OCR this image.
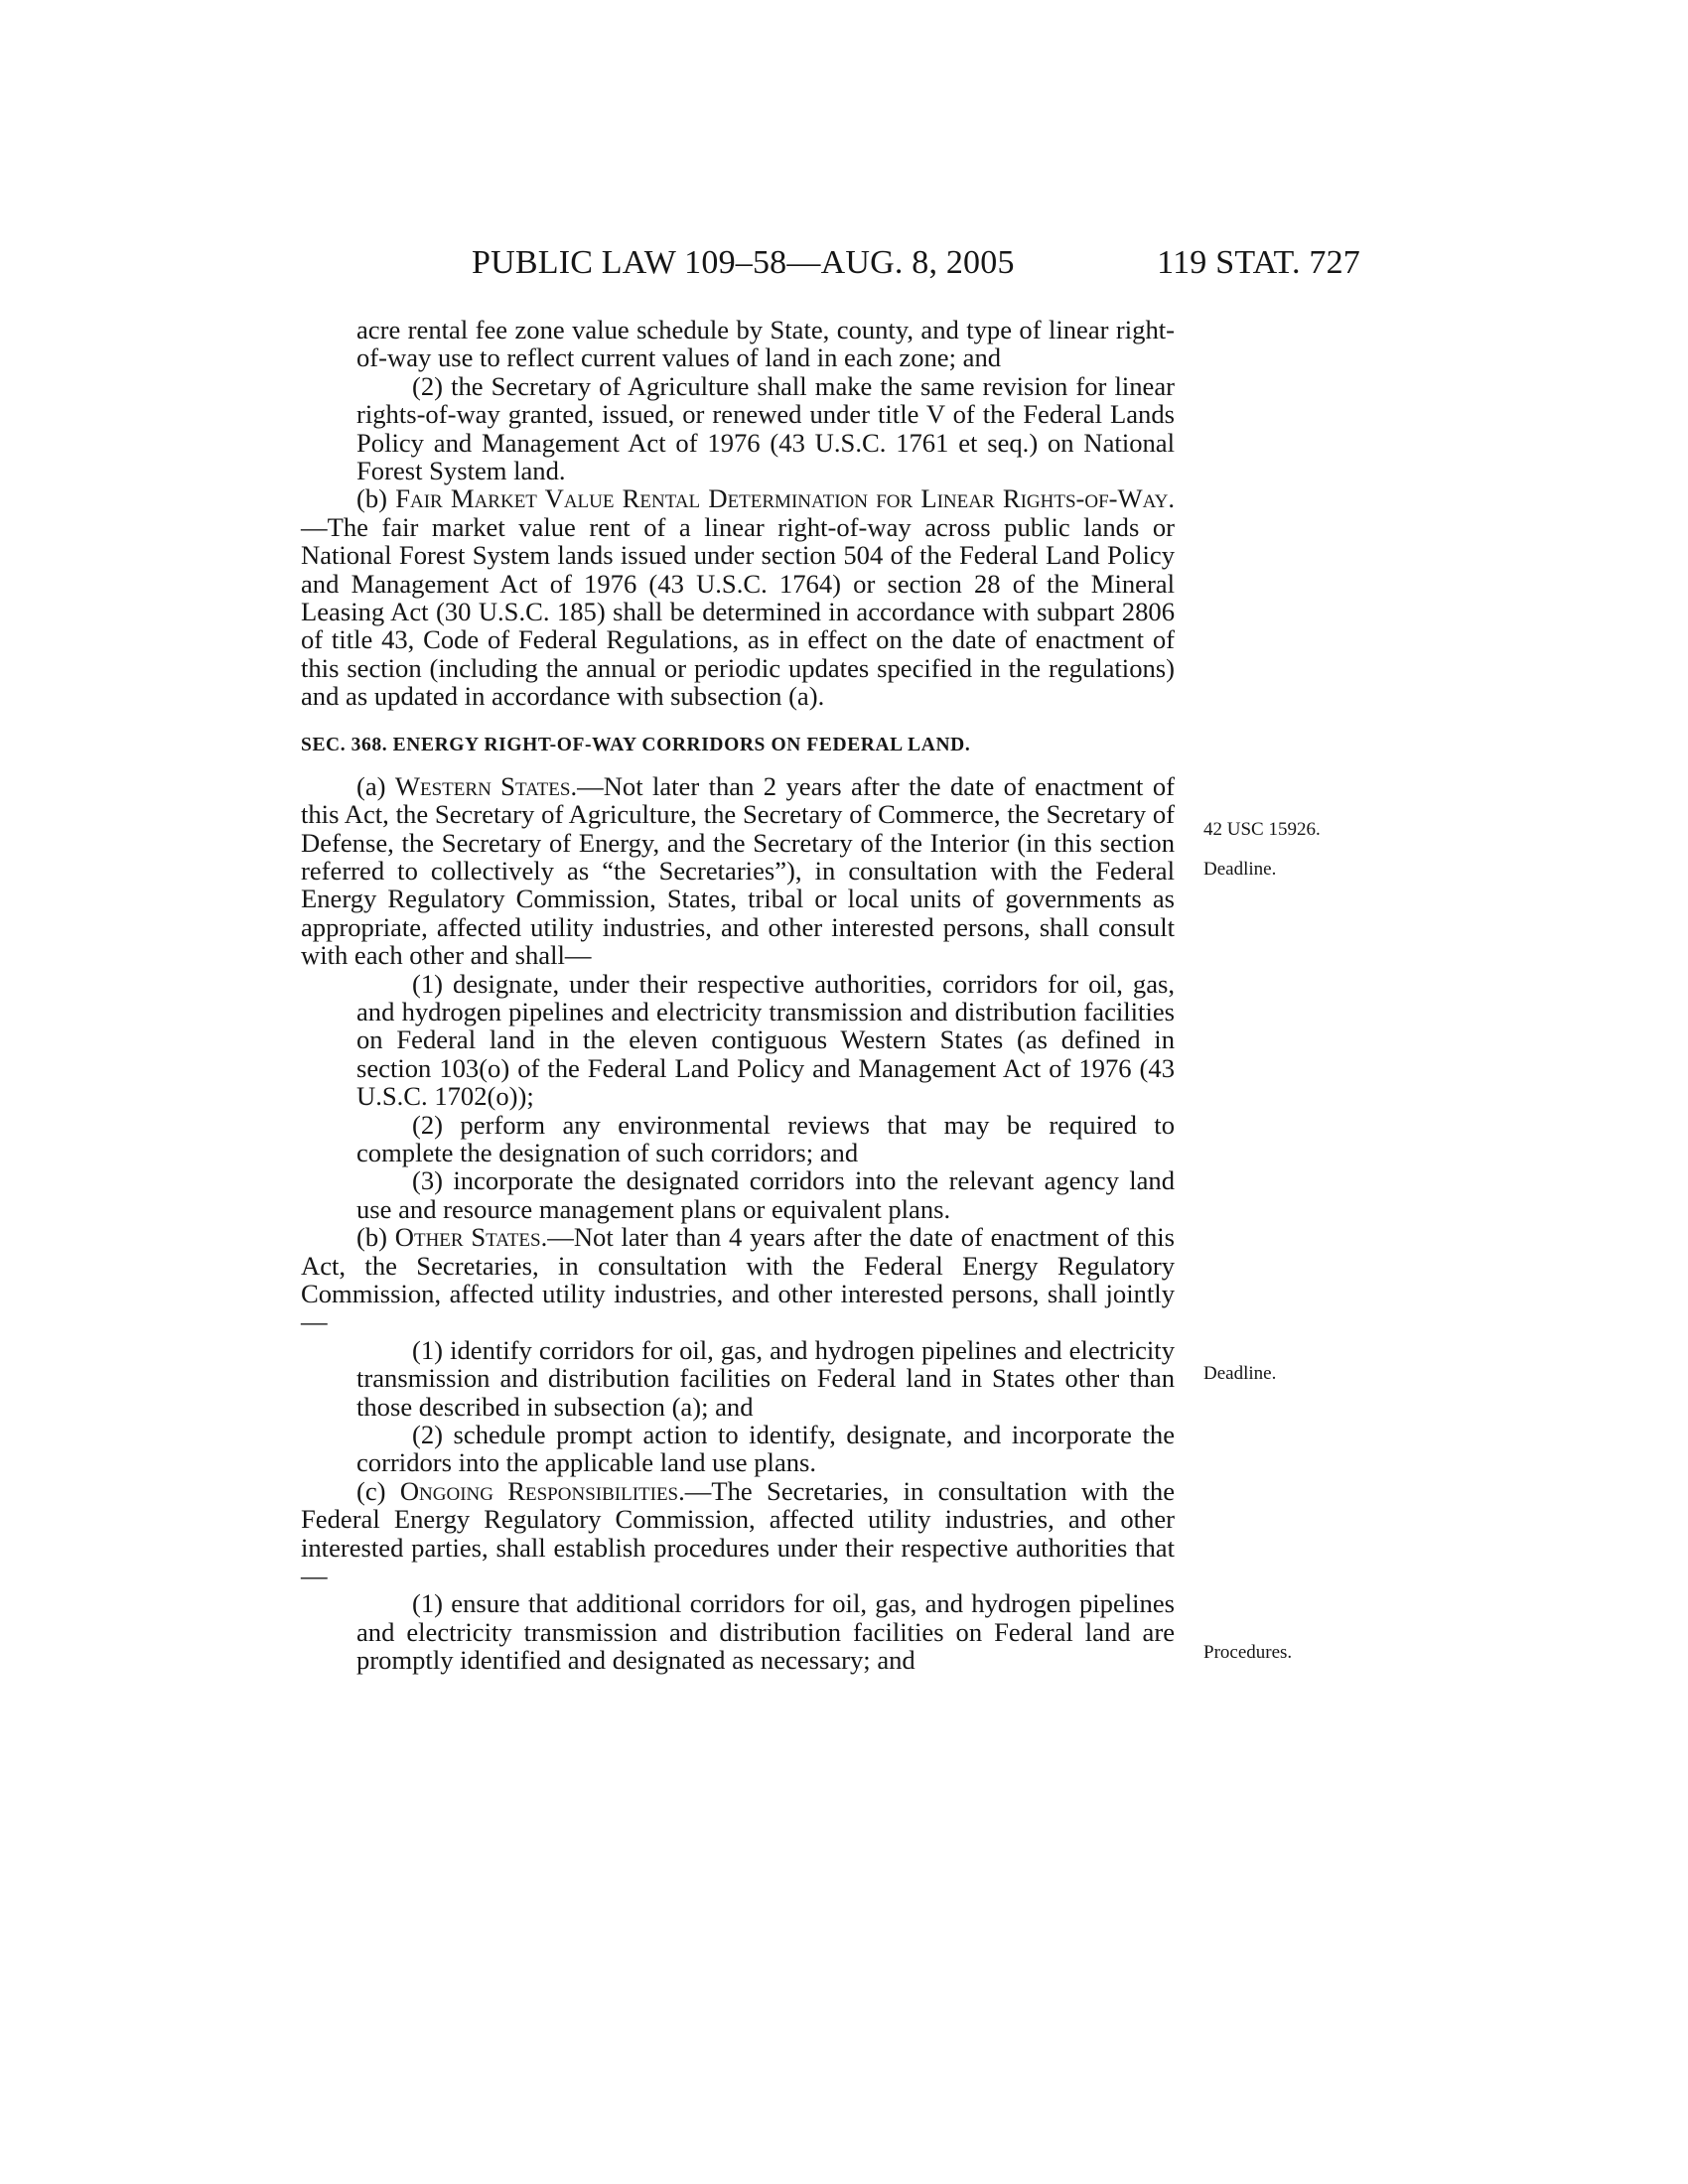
PUBLIC LAW 109–58—AUG. 8, 2005	119 STAT. 727

acre rental fee zone value schedule by State, county, and type of linear right-of-way use to reflect current values of land in each zone; and

(2) the Secretary of Agriculture shall make the same revision for linear rights-of-way granted, issued, or renewed under title V of the Federal Lands Policy and Management Act of 1976 (43 U.S.C. 1761 et seq.) on National Forest System land.

(b) Fair Market Value Rental Determination for Linear Rights-of-Way.—The fair market value rent of a linear right-of-way across public lands or National Forest System lands issued under section 504 of the Federal Land Policy and Management Act of 1976 (43 U.S.C. 1764) or section 28 of the Mineral Leasing Act (30 U.S.C. 185) shall be determined in accordance with subpart 2806 of title 43, Code of Federal Regulations, as in effect on the date of enactment of this section (including the annual or periodic updates specified in the regulations) and as updated in accordance with subsection (a).

SEC. 368. ENERGY RIGHT-OF-WAY CORRIDORS ON FEDERAL LAND.

(a) Western States.—Not later than 2 years after the date of enactment of this Act, the Secretary of Agriculture, the Secretary of Commerce, the Secretary of Defense, the Secretary of Energy, and the Secretary of the Interior (in this section referred to collectively as “the Secretaries”), in consultation with the Federal Energy Regulatory Commission, States, tribal or local units of governments as appropriate, affected utility industries, and other interested persons, shall consult with each other and shall—

(1) designate, under their respective authorities, corridors for oil, gas, and hydrogen pipelines and electricity transmission and distribution facilities on Federal land in the eleven contiguous Western States (as defined in section 103(o) of the Federal Land Policy and Management Act of 1976 (43 U.S.C. 1702(o));

(2) perform any environmental reviews that may be required to complete the designation of such corridors; and

(3) incorporate the designated corridors into the relevant agency land use and resource management plans or equivalent plans.

(b) Other States.—Not later than 4 years after the date of enactment of this Act, the Secretaries, in consultation with the Federal Energy Regulatory Commission, affected utility industries, and other interested persons, shall jointly—

(1) identify corridors for oil, gas, and hydrogen pipelines and electricity transmission and distribution facilities on Federal land in States other than those described in subsection (a); and

(2) schedule prompt action to identify, designate, and incorporate the corridors into the applicable land use plans.

(c) Ongoing Responsibilities.—The Secretaries, in consultation with the Federal Energy Regulatory Commission, affected utility industries, and other interested parties, shall establish procedures under their respective authorities that—

(1) ensure that additional corridors for oil, gas, and hydrogen pipelines and electricity transmission and distribution facilities on Federal land are promptly identified and designated as necessary; and

42 USC 15926.
Deadline.
Deadline.
Procedures.
